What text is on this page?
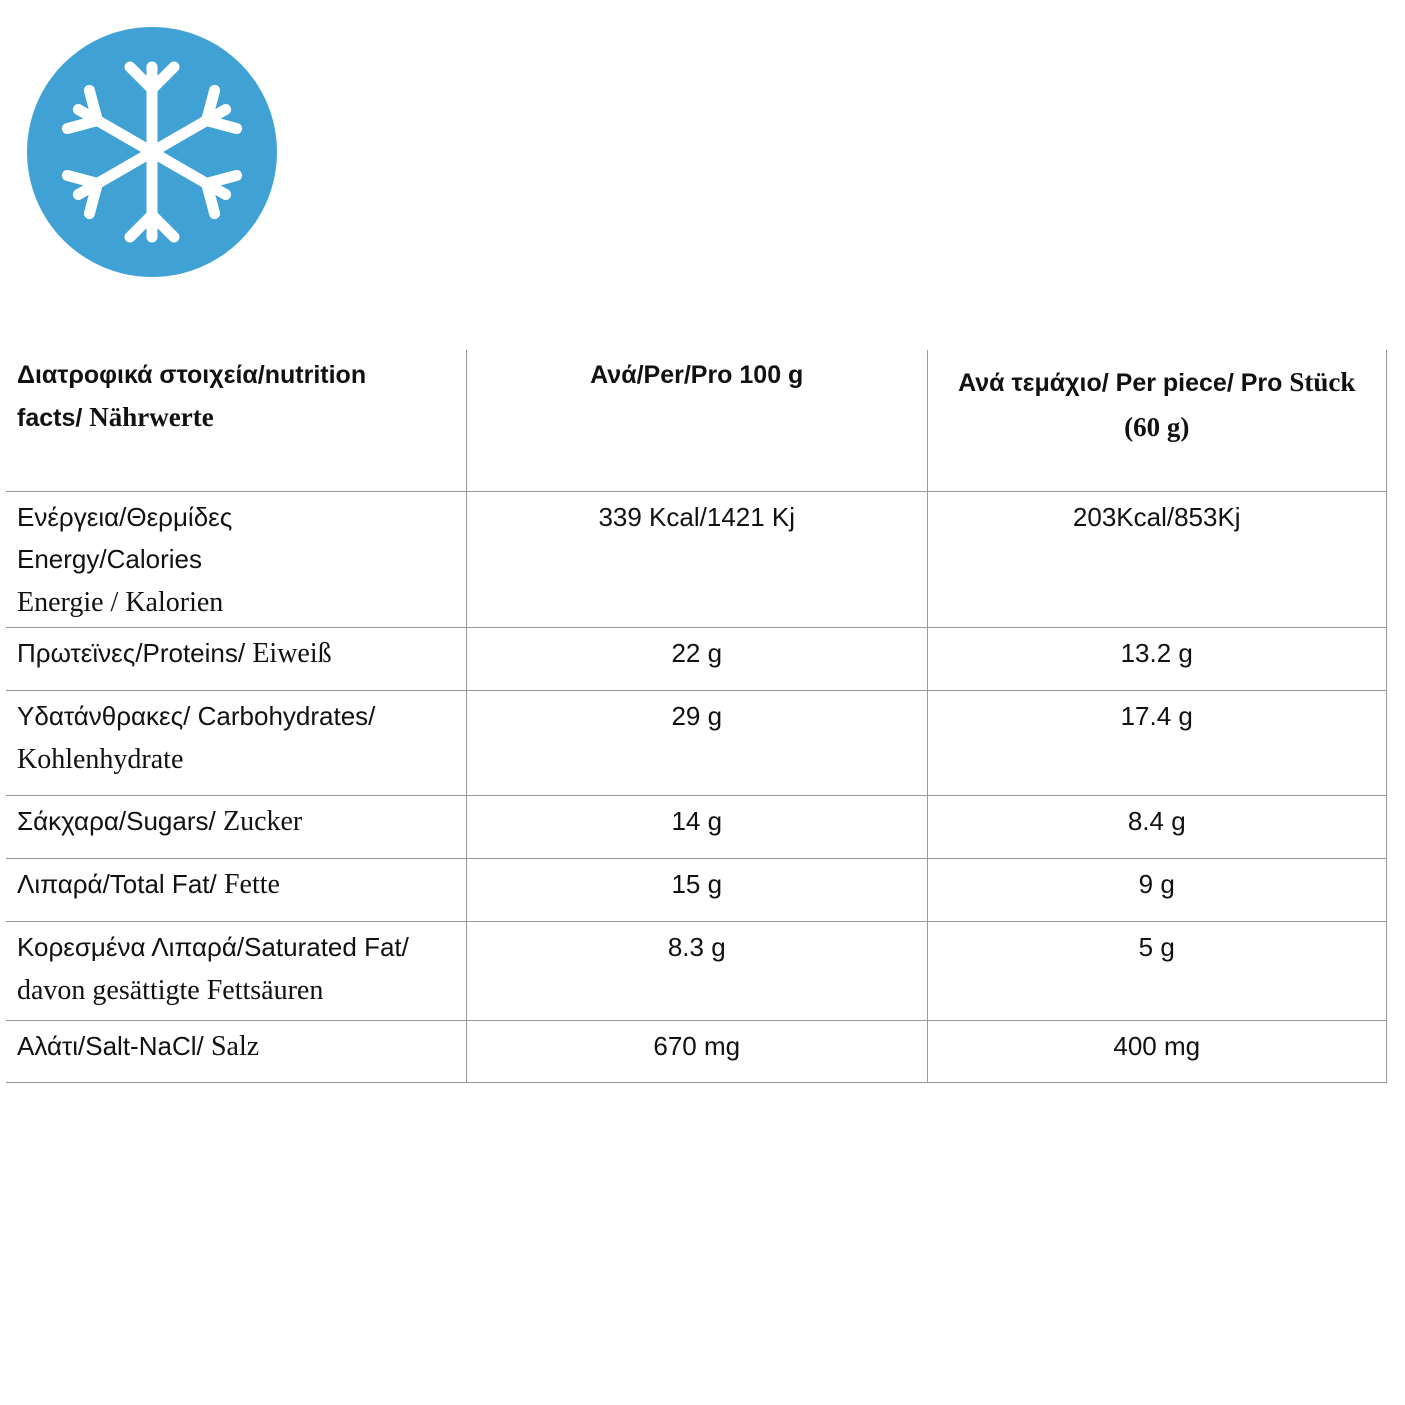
Διατροφικά στοιχεία/nutrition
facts/ Nährwerte	Ανά/Per/Pro 100 g	Ανά τεμάχιο/ Per piece/ Pro Stück
(60 g)

Ενέργεια/Θερμίδες
Energy/Calories
Energie / Kalorien	339 Kcal/1421 Kj	203Kcal/853Kj
Πρωτεϊνες/Proteins/ Eiweiß	22 g	13.2 g

Υδατάνθρακες/ Carbohydrates/
Kohlenhydrate	29 g	17.4 g
Σάκχαρα/Sugars/ Zucker	14 g	8.4 g
Λιπαρά/Total Fat/ Fette	15 g	9 g

Κορεσμένα Λιπαρά/Saturated Fat/
davon gesättigte Fettsäuren	8.3 g	5 g
Αλάτι/Salt-NaCl/ Salz	670 mg	400 mg
